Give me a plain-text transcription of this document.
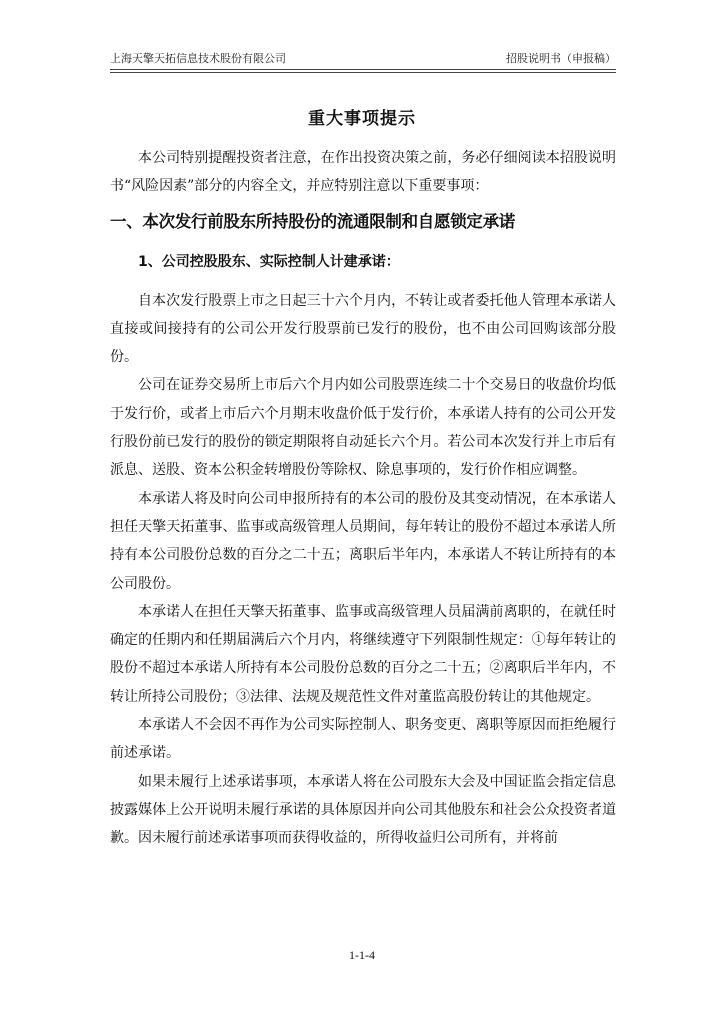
上海天擎天拓信息技术股份有限公司	招股说明书（申报稿）
重大事项提示

本公司特别提醒投资者注意，在作出投资决策之前，务必仔细阅读本招股说明书“风险因素”部分的内容全文，并应特别注意以下重要事项：

一、本次发行前股东所持股份的流通限制和自愿锁定承诺
1、公司控股股东、实际控制人计建承诺：

自本次发行股票上市之日起三十六个月内，不转让或者委托他人管理本承诺人直接或间接持有的公司公开发行股票前已发行的股份，也不由公司回购该部分股份。

公司在证券交易所上市后六个月内如公司股票连续二十个交易日的收盘价均低于发行价，或者上市后六个月期末收盘价低于发行价，本承诺人持有的公司公开发行股份前已发行的股份的锁定期限将自动延长六个月。若公司本次发行并上市后有派息、送股、资本公积金转增股份等除权、除息事项的，发行价作相应调整。

本承诺人将及时向公司申报所持有的本公司的股份及其变动情况，在本承诺人担任天擎天拓董事、监事或高级管理人员期间，每年转让的股份不超过本承诺人所持有本公司股份总数的百分之二十五；离职后半年内，本承诺人不转让所持有的本公司股份。

本承诺人在担任天擎天拓董事、监事或高级管理人员届满前离职的，在就任时确定的任期内和任期届满后六个月内，将继续遵守下列限制性规定：①每年转让的股份不超过本承诺人所持有本公司股份总数的百分之二十五；②离职后半年内，不转让所持公司股份；③法律、法规及规范性文件对董监高股份转让的其他规定。

本承诺人不会因不再作为公司实际控制人、职务变更、离职等原因而拒绝履行前述承诺。

如果未履行上述承诺事项，本承诺人将在公司股东大会及中国证监会指定信息披露媒体上公开说明未履行承诺的具体原因并向公司其他股东和社会公众投资者道歉。因未履行前述承诺事项而获得收益的，所得收益归公司所有，并将前

1-1-4
